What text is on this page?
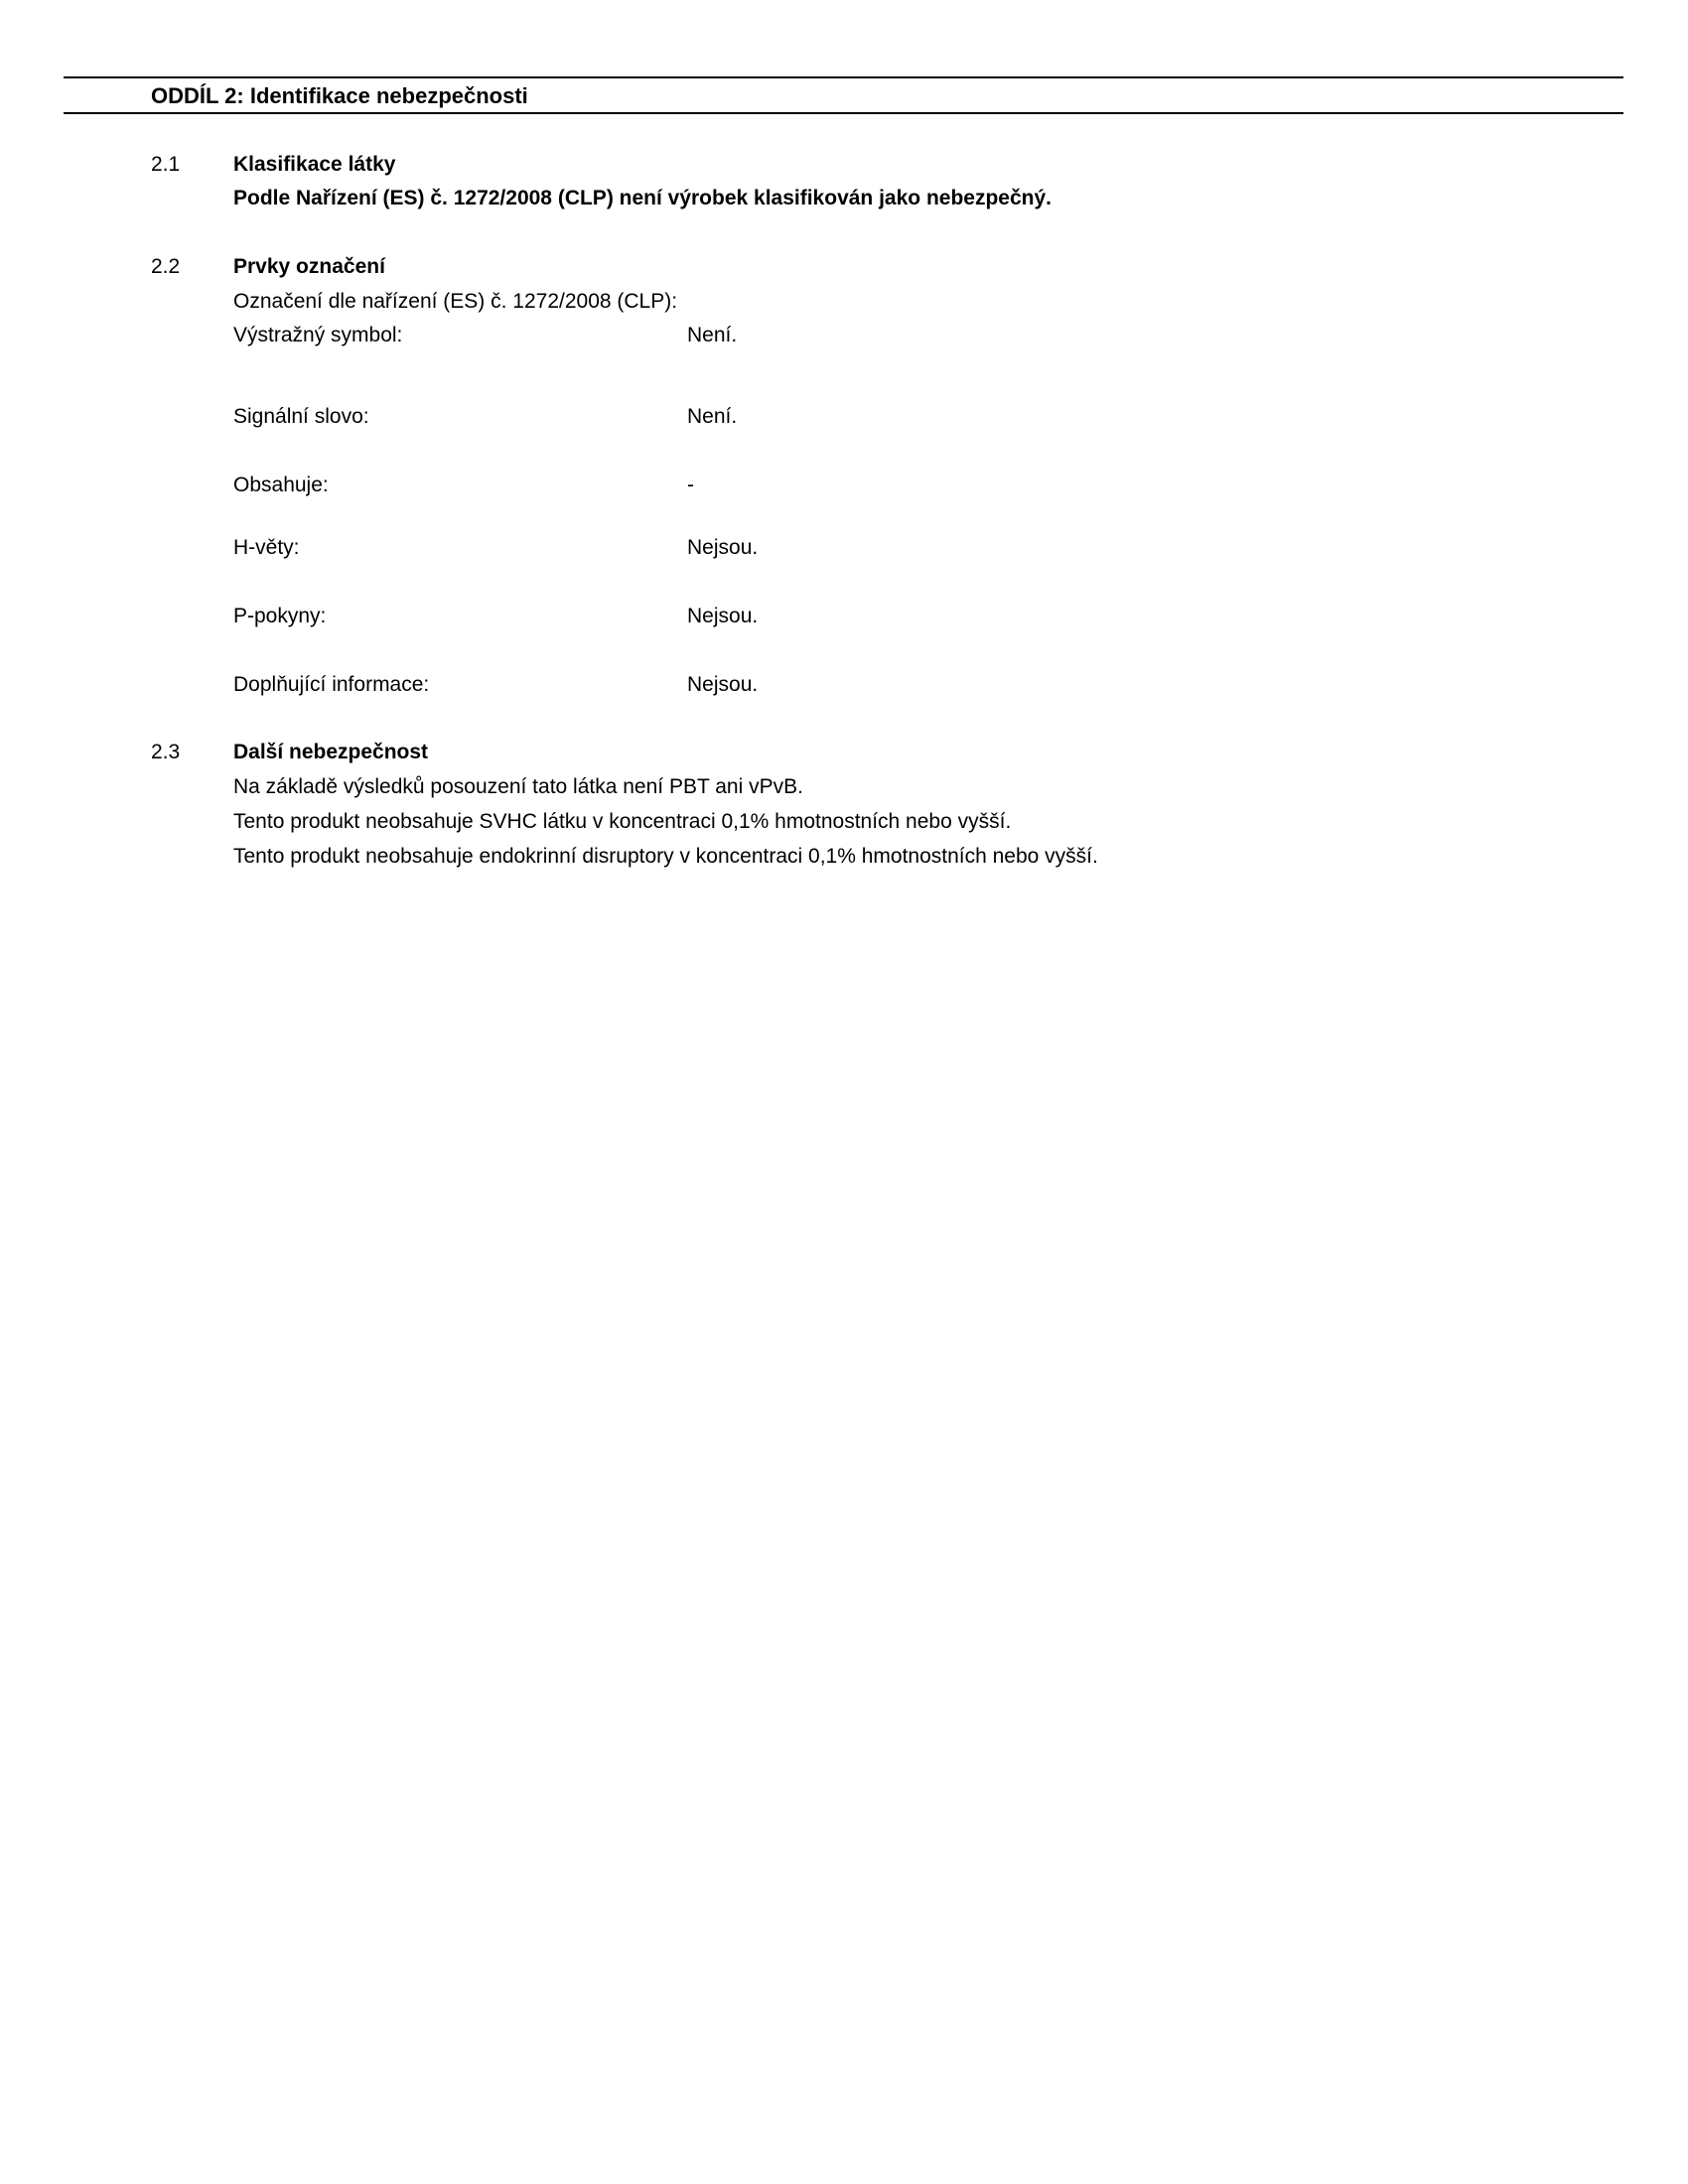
ODDÍL 2: Identifikace nebezpečnosti
2.1	Klasifikace látky
Podle Nařízení (ES) č. 1272/2008 (CLP) není výrobek klasifikován jako nebezpečný.
2.2	Prvky označení
Označení dle nařízení (ES) č. 1272/2008 (CLP):
Výstražný symbol:	Není.
Signální slovo:	Není.
Obsahuje:	-
H-věty:	Nejsou.
P-pokyny:	Nejsou.
Doplňující informace:	Nejsou.
2.3	Další nebezpečnost
Na základě výsledků posouzení tato látka není PBT ani vPvB.
Tento produkt neobsahuje SVHC látku v koncentraci 0,1% hmotnostních nebo vyšší.
Tento produkt neobsahuje endokrinní disruptory v koncentraci 0,1% hmotnostních nebo vyšší.
